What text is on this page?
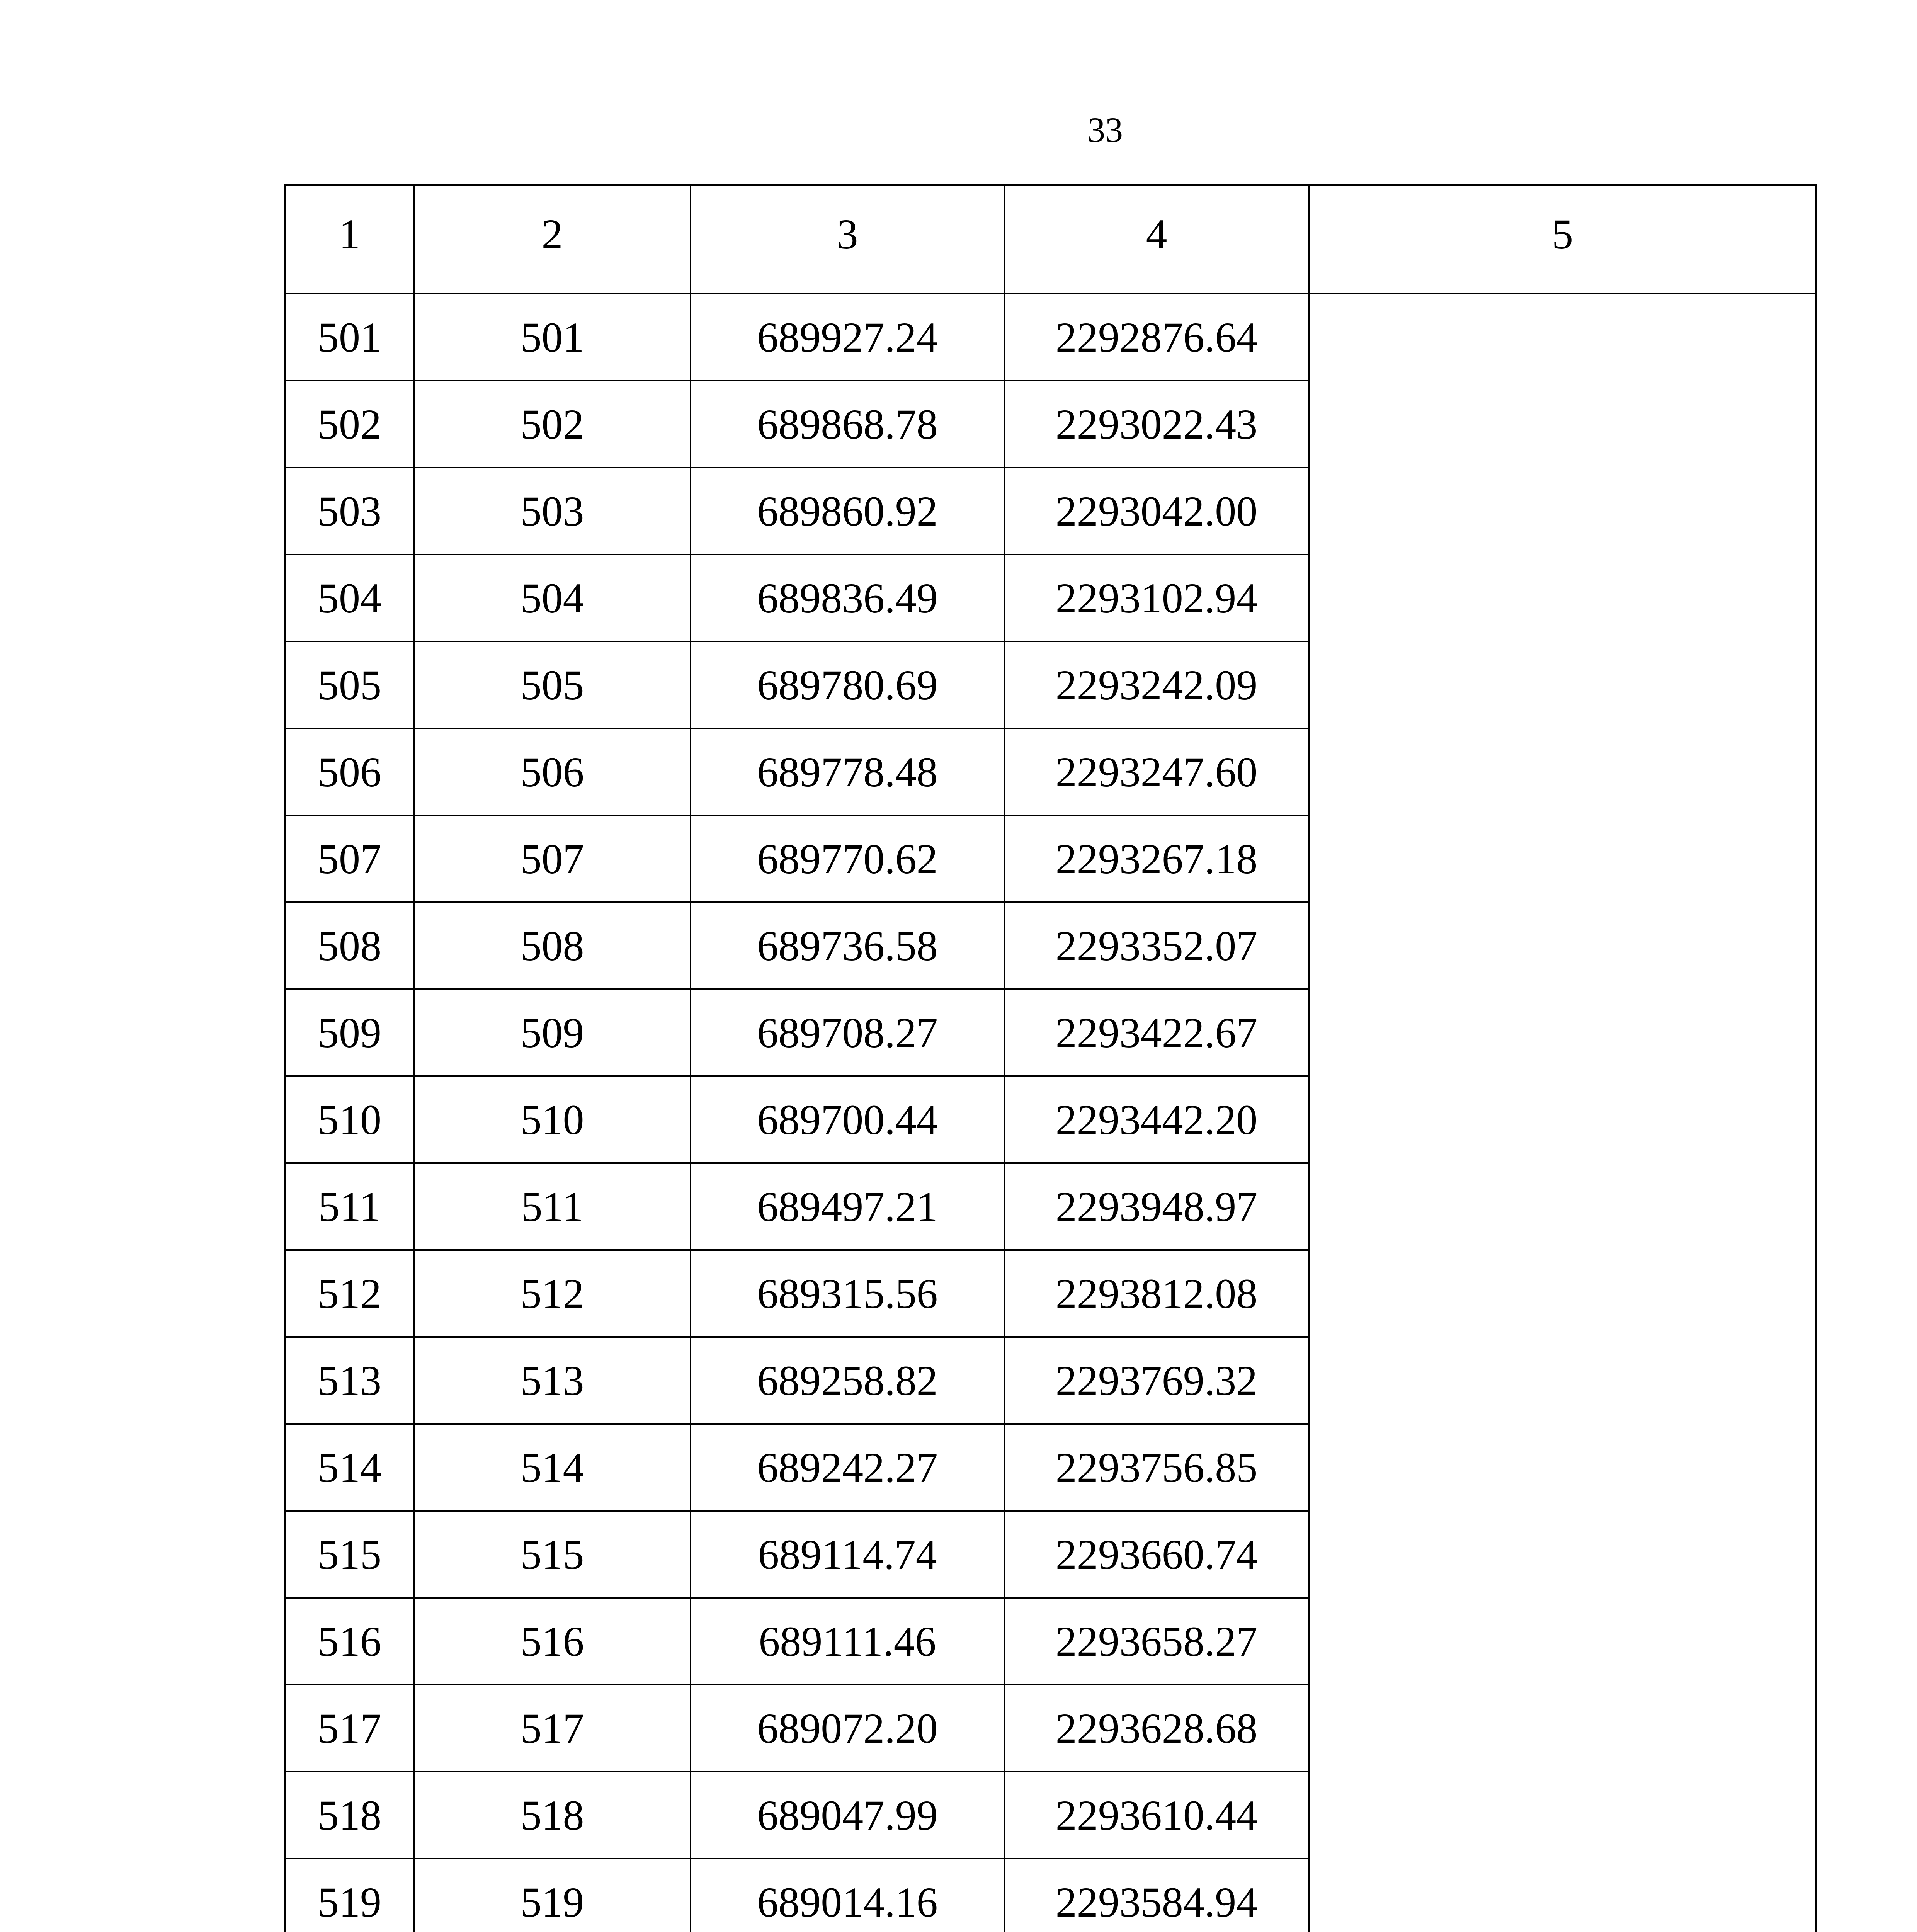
33
1	2	3	4	5
501	501	689927.24	2292876.64	
502	502	689868.78	2293022.43	
503	503	689860.92	2293042.00	
504	504	689836.49	2293102.94	
505	505	689780.69	2293242.09	
506	506	689778.48	2293247.60	
507	507	689770.62	2293267.18	
508	508	689736.58	2293352.07	
509	509	689708.27	2293422.67	
510	510	689700.44	2293442.20	
511	511	689497.21	2293948.97	
512	512	689315.56	2293812.08	
513	513	689258.82	2293769.32	
514	514	689242.27	2293756.85	
515	515	689114.74	2293660.74	
516	516	689111.46	2293658.27	
517	517	689072.20	2293628.68	
518	518	689047.99	2293610.44	
519	519	689014.16	2293584.94	
